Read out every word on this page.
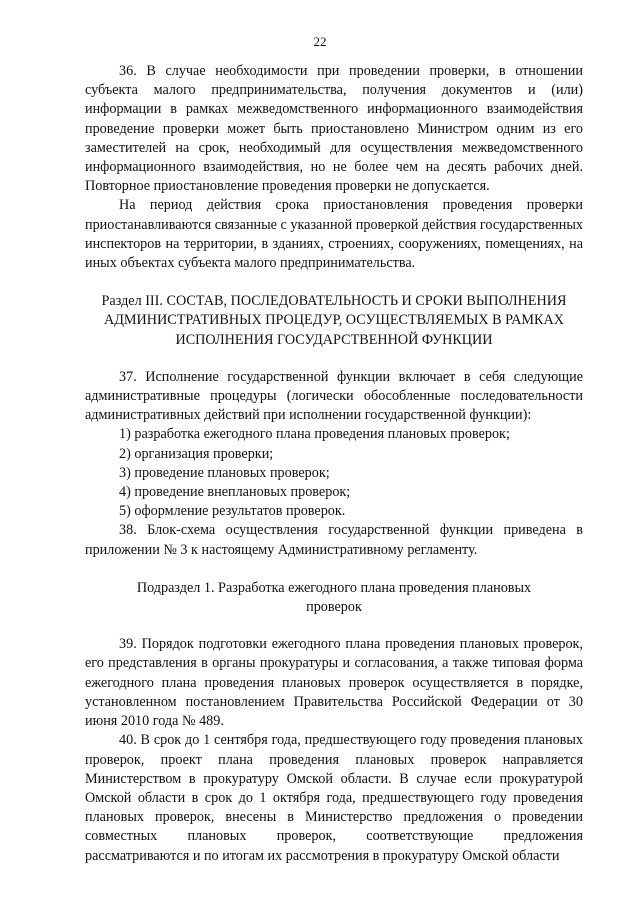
22

36. В случае необходимости при проведении проверки, в отношении субъекта малого предпринимательства, получения документов и (или) информации в рамках межведомственного информационного взаимодействия проведение проверки может быть приостановлено Министром одним из его заместителей на срок, необходимый для осуществления межведомственного информационного взаимодействия, но не более чем на десять рабочих дней. Повторное приостановление проведения проверки не допускается.

На период действия срока приостановления проведения проверки приостанавливаются связанные с указанной проверкой действия государственных инспекторов на территории, в зданиях, строениях, сооружениях, помещениях, на иных объектах субъекта малого предпринимательства.

Раздел III. СОСТАВ, ПОСЛЕДОВАТЕЛЬНОСТЬ И СРОКИ ВЫПОЛНЕНИЯ АДМИНИСТРАТИВНЫХ ПРОЦЕДУР, ОСУЩЕСТВЛЯЕМЫХ В РАМКАХ ИСПОЛНЕНИЯ ГОСУДАРСТВЕННОЙ ФУНКЦИИ

37. Исполнение государственной функции включает в себя следующие административные процедуры (логически обособленные последовательности административных действий при исполнении государственной функции):

1) разработка ежегодного плана проведения плановых проверок;
2) организация проверки;
3) проведение плановых проверок;
4) проведение внеплановых проверок;
5) оформление результатов проверок.

38. Блок-схема осуществления государственной функции приведена в приложении № 3 к настоящему Административному регламенту.

Подраздел 1. Разработка ежегодного плана проведения плановых проверок

39. Порядок подготовки ежегодного плана проведения плановых проверок, его представления в органы прокуратуры и согласования, а также типовая форма ежегодного плана проведения плановых проверок осуществляется в порядке, установленном постановлением Правительства Российской Федерации от 30 июня 2010 года № 489.

40. В срок до 1 сентября года, предшествующего году проведения плановых проверок, проект плана проведения плановых проверок направляется Министерством в прокуратуру Омской области. В случае если прокуратурой Омской области в срок до 1 октября года, предшествующего году проведения плановых проверок, внесены в Министерство предложения о проведении совместных плановых проверок, соответствующие предложения рассматриваются и по итогам их рассмотрения в прокуратуру Омской области
